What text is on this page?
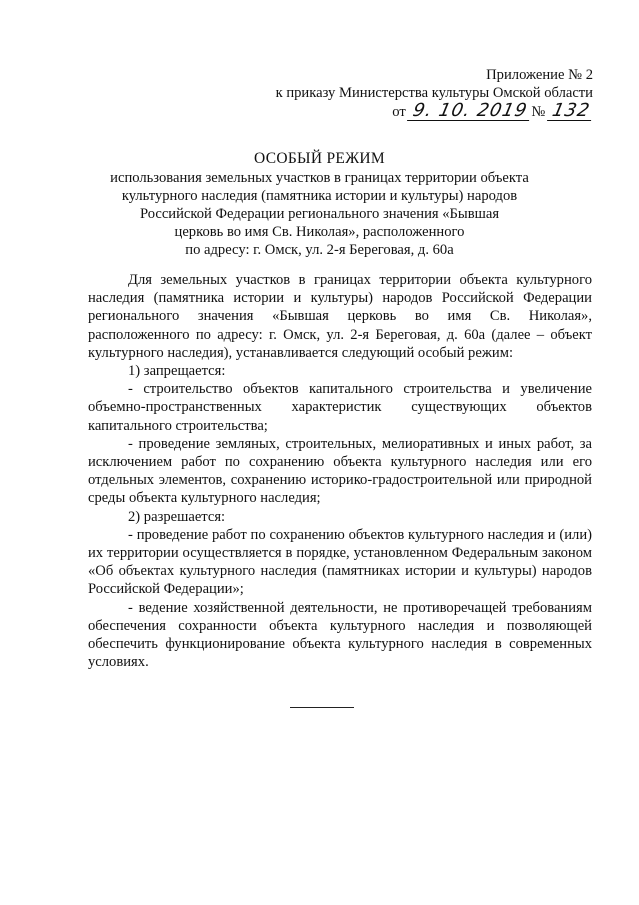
Приложение № 2
к приказу Министерства культуры Омской области
от 9. 10. 2019 № 132
ОСОБЫЙ РЕЖИМ
использования земельных участков в границах территории объекта
культурного наследия (памятника истории и культуры) народов
Российской Федерации регионального значения «Бывшая
церковь во имя Св. Николая», расположенного
по адресу: г. Омск, ул. 2-я Береговая, д. 60а

Для земельных участков в границах территории объекта культурного наследия (памятника истории и культуры) народов Российской Федерации регионального значения «Бывшая церковь во имя Св. Николая», расположенного по адресу: г. Омск, ул. 2-я Береговая, д. 60а (далее – объект культурного наследия), устанавливается следующий особый режим:

1) запрещается:

- строительство объектов капитального строительства и увеличение объемно-пространственных характеристик существующих объектов капитального строительства;

- проведение земляных, строительных, мелиоративных и иных работ, за исключением работ по сохранению объекта культурного наследия или его отдельных элементов, сохранению историко-градостроительной или природной среды объекта культурного наследия;

2) разрешается:

- проведение работ по сохранению объектов культурного наследия и (или) их территории осуществляется в порядке, установленном Федеральным законом «Об объектах культурного наследия (памятниках истории и культуры) народов Российской Федерации»;

- ведение хозяйственной деятельности, не противоречащей требованиям обеспечения сохранности объекта культурного наследия и позволяющей обеспечить функционирование объекта культурного наследия в современных условиях.
